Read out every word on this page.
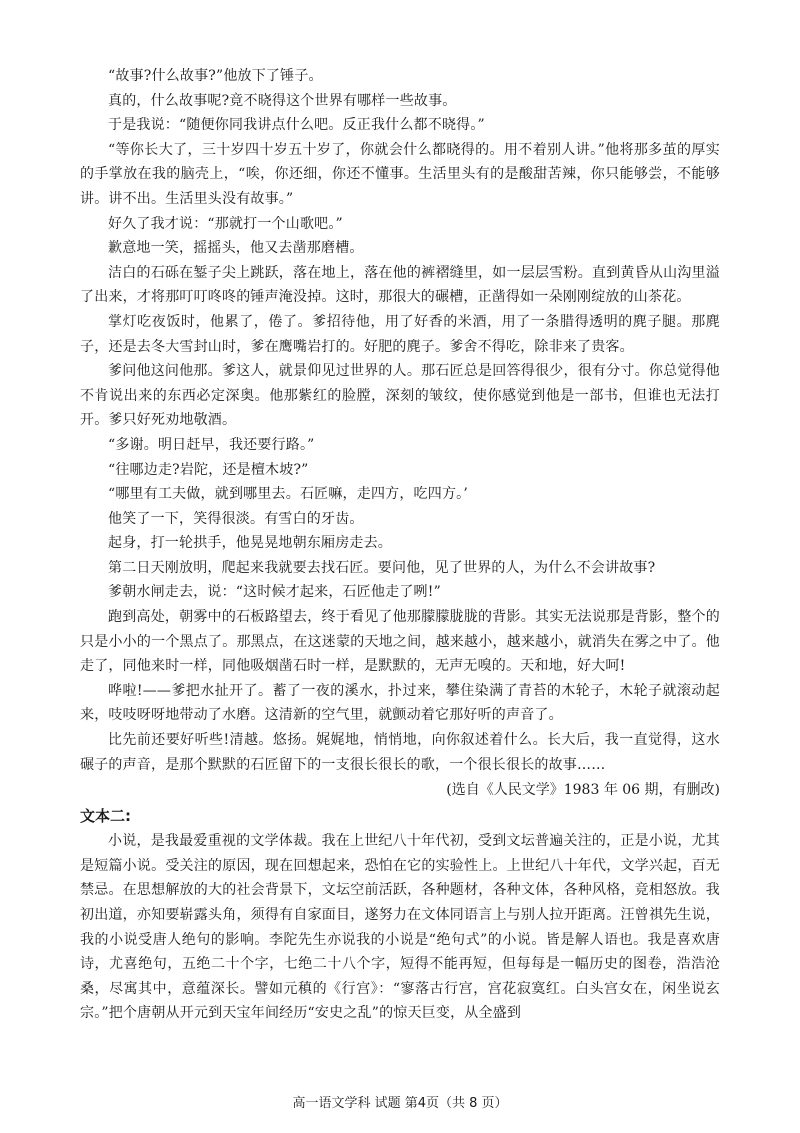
“故事?什么故事?”他放下了锤子。

真的，什么故事呢?竟不晓得这个世界有哪样一些故事。

于是我说：“随便你同我讲点什么吧。反正我什么都不晓得。”

“等你长大了，三十岁四十岁五十岁了，你就会什么都晓得的。用不着别人讲。”他将那多茧的厚实的手掌放在我的脑壳上，“唉，你还细，你还不懂事。生活里头有的是酸甜苦辣，你只能够尝，不能够讲。讲不出。生活里头没有故事。”

好久了我才说：“那就打一个山歌吧。”

歉意地一笑，摇摇头，他又去凿那磨槽。

洁白的石砾在錾子尖上跳跃，落在地上，落在他的裤褶缝里，如一层层雪粉。直到黄昏从山沟里溢了出来，才将那叮叮咚咚的锤声淹没掉。这时，那很大的碾槽，正凿得如一朵刚刚绽放的山茶花。

掌灯吃夜饭时，他累了，倦了。爹招待他，用了好香的米酒，用了一条腊得透明的麂子腿。那麂子，还是去冬大雪封山时，爹在鹰嘴岩打的。好肥的麂子。爹舍不得吃，除非来了贵客。

爹问他这问他那。爹这人，就景仰见过世界的人。那石匠总是回答得很少，很有分寸。你总觉得他不肯说出来的东西必定深奥。他那紫红的脸膛，深刻的皱纹，使你感觉到他是一部书，但谁也无法打开。爹只好死劝地敬酒。

“多谢。明日赶早，我还要行路。”

“往哪边走?岩陀，还是檀木坡?”

“哪里有工夫做，就到哪里去。石匠嘛，走四方，吃四方。’

他笑了一下，笑得很淡。有雪白的牙齿。

起身，打一轮拱手，他晃晃地朝东厢房走去。

第二日天刚放明，爬起来我就要去找石匠。要问他，见了世界的人，为什么不会讲故事?

爹朝水闸走去，说：“这时候才起来，石匠他走了咧!”

跑到高处，朝雾中的石板路望去，终于看见了他那朦朦胧胧的背影。其实无法说那是背影，整个的只是小小的一个黑点了。那黑点，在这迷蒙的天地之间，越来越小，越来越小，就消失在雾之中了。他走了，同他来时一样，同他吸烟凿石时一样，是默默的，无声无嗅的。天和地，好大呵!

哗啦!——爹把水扯开了。蓄了一夜的溪水，扑过来，攀住染满了青苔的木轮子，木轮子就滚动起来，吱吱呀呀地带动了水磨。这清新的空气里，就颤动着它那好听的声音了。

比先前还要好听些!清越。悠扬。娓娓地，悄悄地，向你叙述着什么。长大后，我一直觉得，这水碾子的声音，是那个默默的石匠留下的一支很长很长的歌，一个很长很长的故事……

(选自《人民文学》1983 年 06 期，有删改)

文本二:

小说，是我最爱重视的文学体裁。我在上世纪八十年代初，受到文坛普遍关注的，正是小说，尤其是短篇小说。受关注的原因，现在回想起来，恐怕在它的实验性上。上世纪八十年代，文学兴起，百无禁忌。在思想解放的大的社会背景下，文坛空前活跃，各种题材，各种文体，各种风格，竞相怒放。我初出道，亦知要崭露头角，须得有自家面目，遂努力在文体同语言上与别人拉开距离。汪曾祺先生说，我的小说受唐人绝句的影响。李陀先生亦说我的小说是“绝句式”的小说。皆是解人语也。我是喜欢唐诗，尤喜绝句，五绝二十个字，七绝二十八个字，短得不能再短，但每每是一幅历史的图卷，浩浩沧桑，尽寓其中，意蕴深长。譬如元稹的《行宫》：“寥落古行宫，宫花寂寞红。白头宫女在，闲坐说玄宗。”把个唐朝从开元到天宝年间经历“安史之乱”的惊天巨变，从全盛到

高一语文学科 试题 第4页（共 8 页）
